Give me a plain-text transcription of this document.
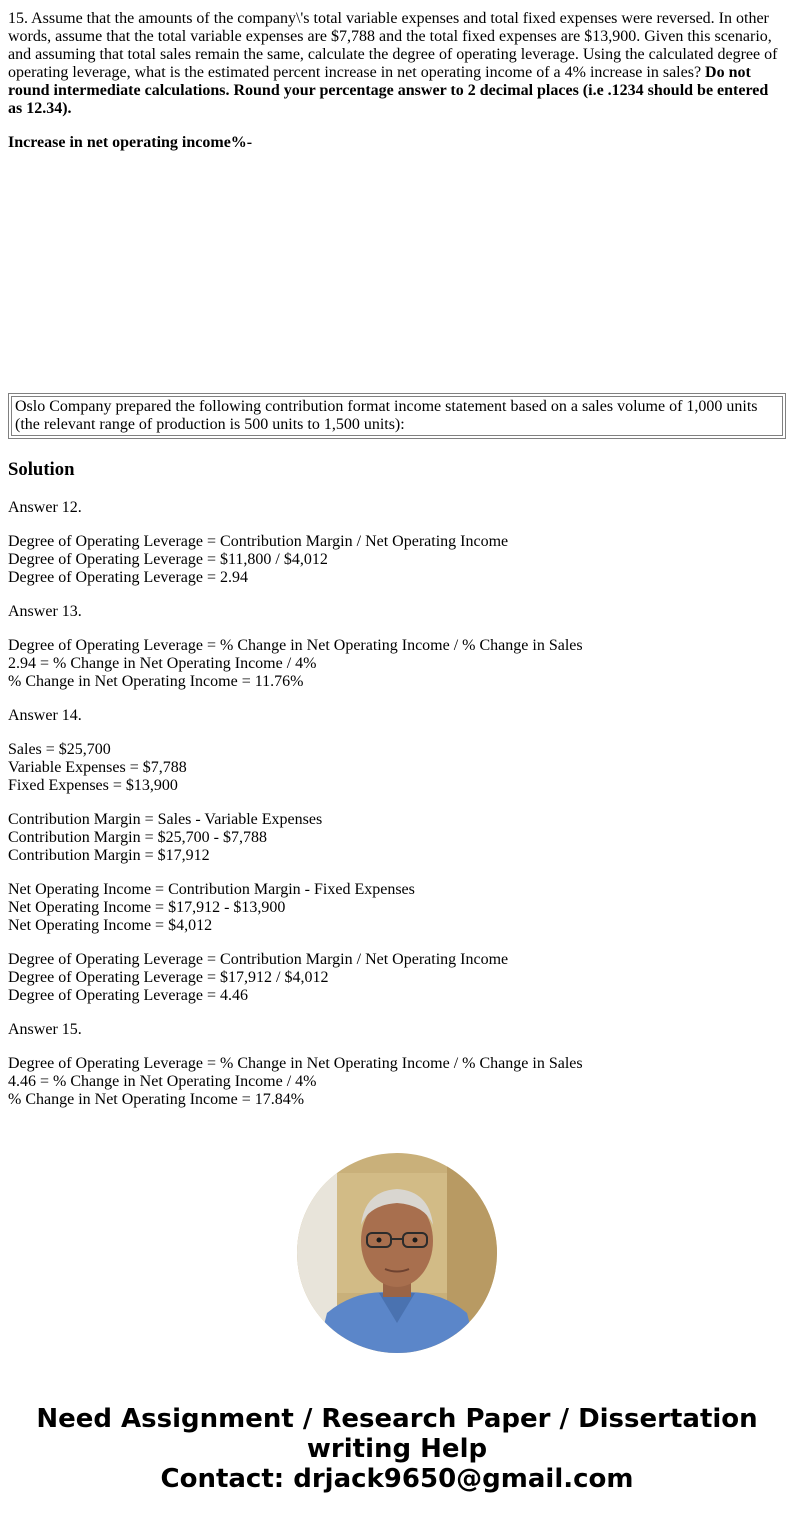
15. Assume that the amounts of the company\'s total variable expenses and total fixed expenses were reversed. In other words, assume that the total variable expenses are $7,788 and the total fixed expenses are $13,900. Given this scenario, and assuming that total sales remain the same, calculate the degree of operating leverage. Using the calculated degree of operating leverage, what is the estimated percent increase in net operating income of a 4% increase in sales? Do not round intermediate calculations. Round your percentage answer to 2 decimal places (i.e .1234 should be entered as 12.34).

Increase in net operating income%-

Oslo Company prepared the following contribution format income statement based on a sales volume of 1,000 units (the relevant range of production is 500 units to 1,500 units):
Solution

Answer 12.

Degree of Operating Leverage = Contribution Margin / Net Operating Income
Degree of Operating Leverage = $11,800 / $4,012
Degree of Operating Leverage = 2.94

Answer 13.

Degree of Operating Leverage = % Change in Net Operating Income / % Change in Sales
2.94 = % Change in Net Operating Income / 4%
% Change in Net Operating Income = 11.76%

Answer 14.

Sales = $25,700
Variable Expenses = $7,788
Fixed Expenses = $13,900

Contribution Margin = Sales - Variable Expenses
Contribution Margin = $25,700 - $7,788
Contribution Margin = $17,912

Net Operating Income = Contribution Margin - Fixed Expenses
Net Operating Income = $17,912 - $13,900
Net Operating Income = $4,012

Degree of Operating Leverage = Contribution Margin / Net Operating Income
Degree of Operating Leverage = $17,912 / $4,012
Degree of Operating Leverage = 4.46

Answer 15.

Degree of Operating Leverage = % Change in Net Operating Income / % Change in Sales
4.46 = % Change in Net Operating Income / 4%
% Change in Net Operating Income = 17.84%

Need Assignment / Research Paper / Dissertation
writing Help
Contact: drjack9650@gmail.com
